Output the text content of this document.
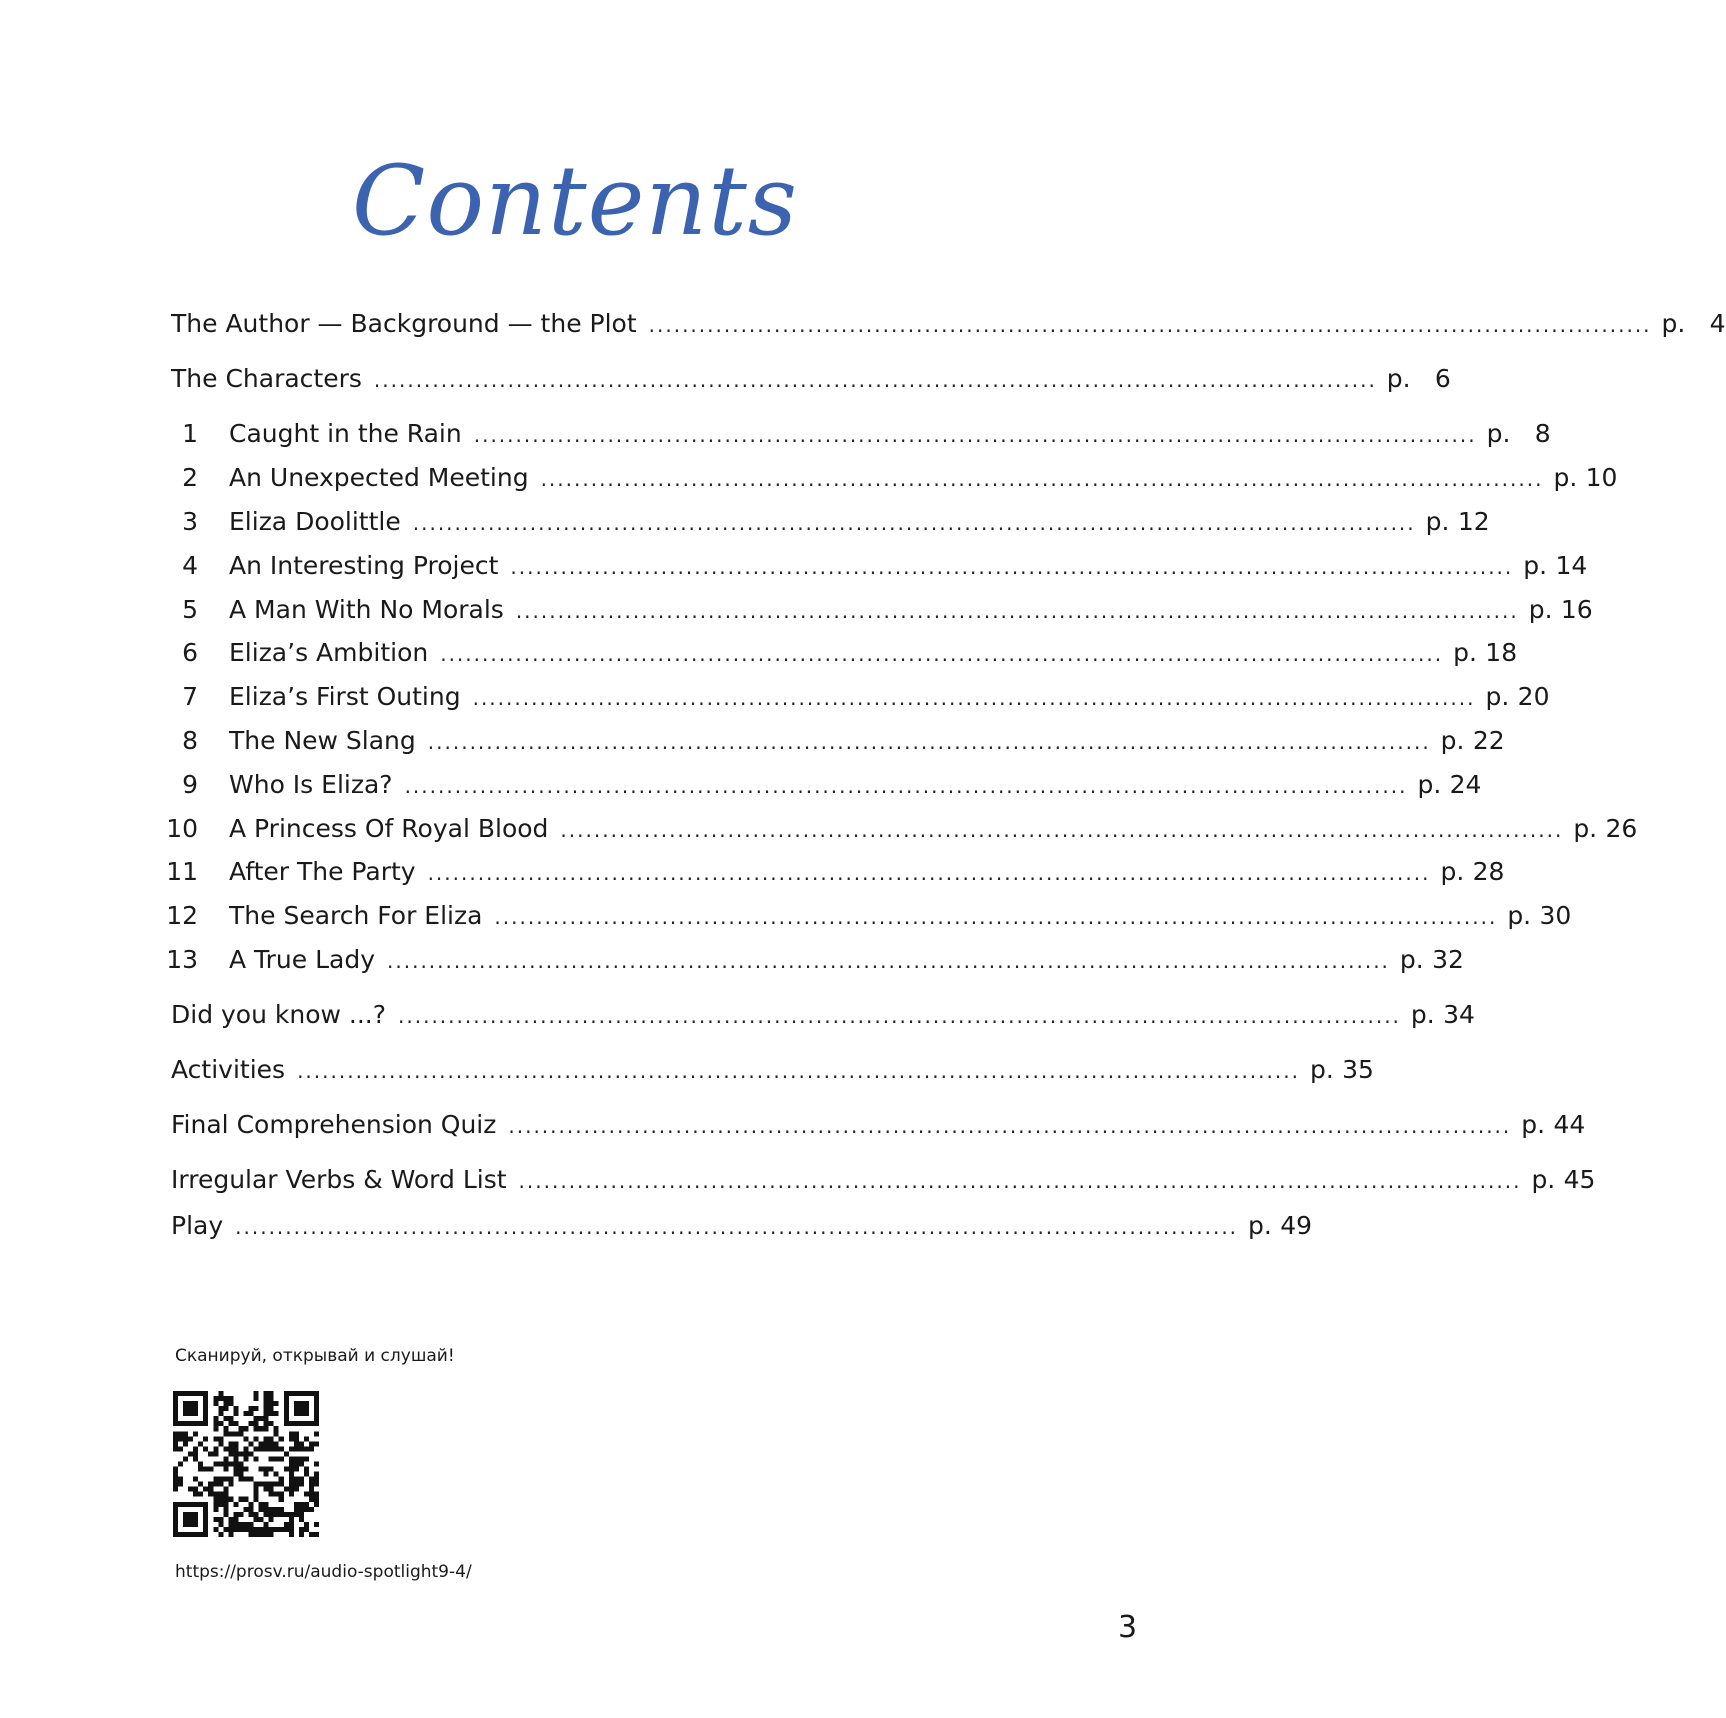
Contents
The Author — Background — the Plot ........................................................................................................................ p. 4
The Characters ........................................................................................................................ p. 6
1 Caught in the Rain ........................................................................................................................ p. 8
2 An Unexpected Meeting ........................................................................................................................ p. 10
3 Eliza Doolittle ........................................................................................................................ p. 12
4 An Interesting Project ........................................................................................................................ p. 14
5 A Man With No Morals ........................................................................................................................ p. 16
6 Eliza’s Ambition ........................................................................................................................ p. 18
7 Eliza’s First Outing ........................................................................................................................ p. 20
8 The New Slang ........................................................................................................................ p. 22
9 Who Is Eliza? ........................................................................................................................ p. 24
10 A Princess Of Royal Blood ........................................................................................................................ p. 26
11 After The Party ........................................................................................................................ p. 28
12 The Search For Eliza ........................................................................................................................ p. 30
13 A True Lady ........................................................................................................................ p. 32
Did you know ...? ........................................................................................................................ p. 34
Activities ........................................................................................................................ p. 35
Final Comprehension Quiz ........................................................................................................................ p. 44
Irregular Verbs & Word List ........................................................................................................................ p. 45
Play ........................................................................................................................ p. 49
Сканируй, открывай и слушай!
https://prosv.ru/audio-spotlight9-4/
3
